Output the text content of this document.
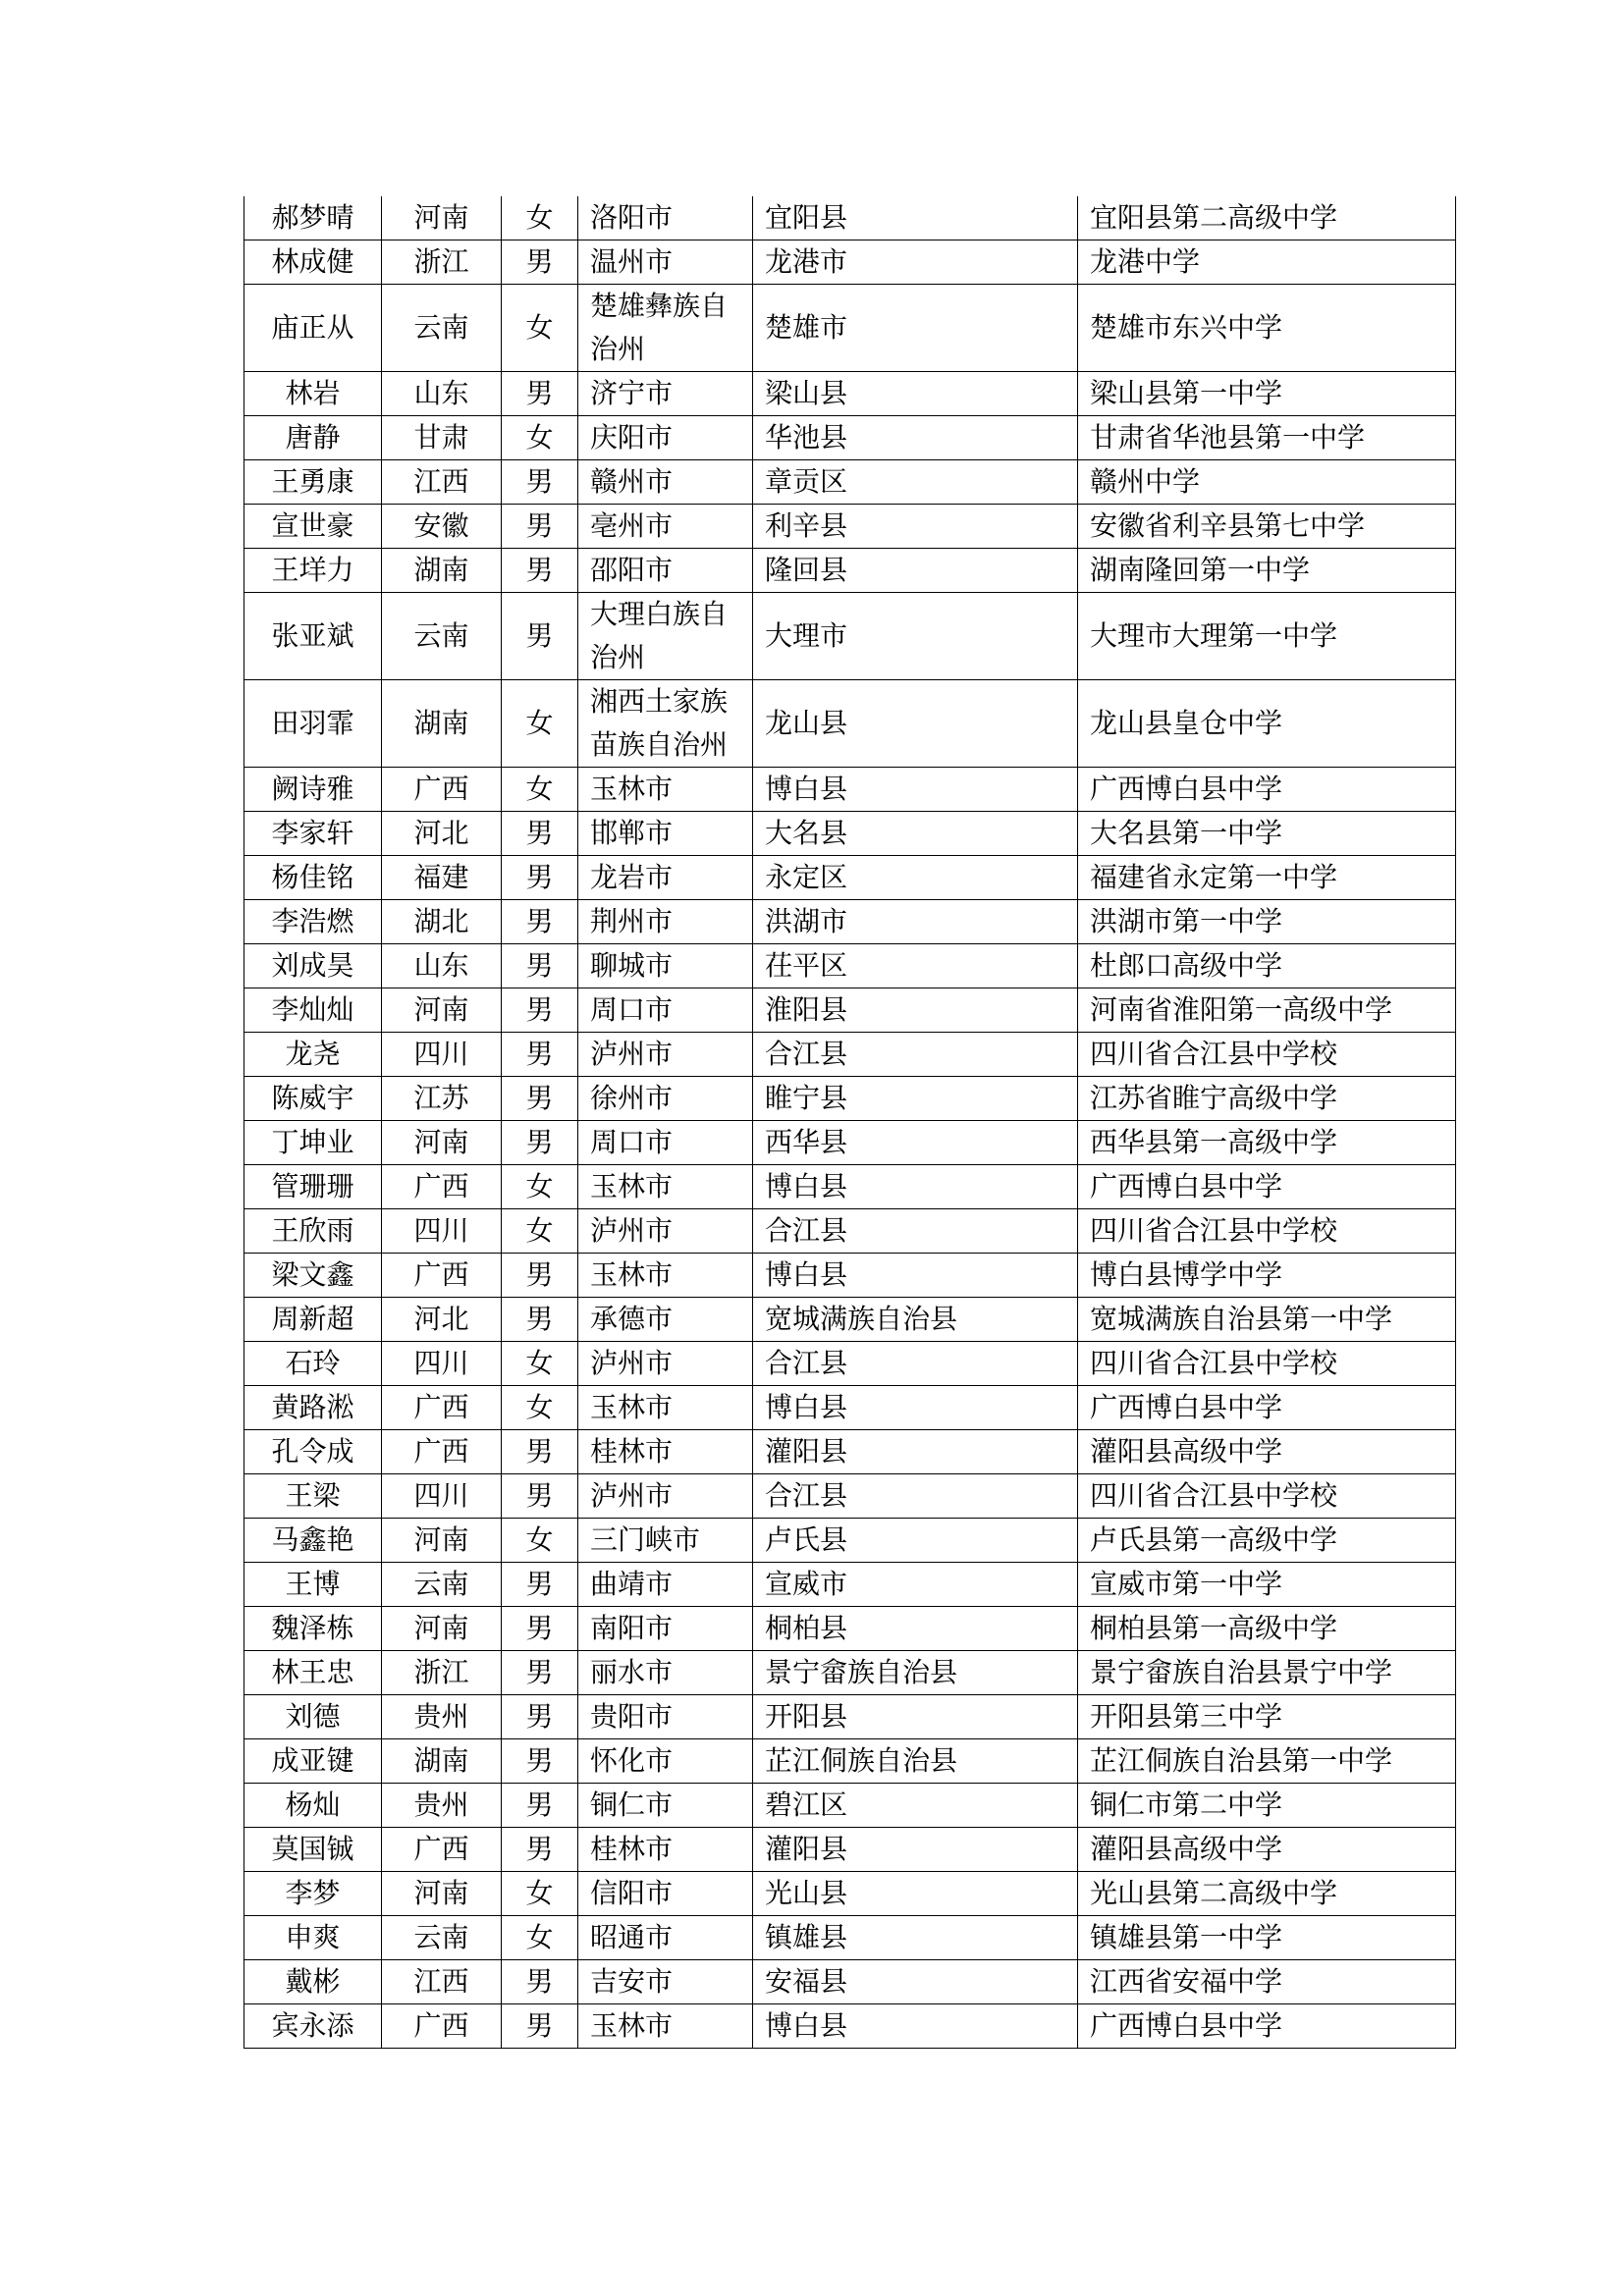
郝梦晴	河南	女	洛阳市	宜阳县	宜阳县第二高级中学
林成健	浙江	男	温州市	龙港市	龙港中学
庙正从	云南	女	楚雄彝族自治州	楚雄市	楚雄市东兴中学
林岩	山东	男	济宁市	梁山县	梁山县第一中学
唐静	甘肃	女	庆阳市	华池县	甘肃省华池县第一中学
王勇康	江西	男	赣州市	章贡区	赣州中学
宣世豪	安徽	男	亳州市	利辛县	安徽省利辛县第七中学
王垟力	湖南	男	邵阳市	隆回县	湖南隆回第一中学
张亚斌	云南	男	大理白族自治州	大理市	大理市大理第一中学
田羽霏	湖南	女	湘西土家族苗族自治州	龙山县	龙山县皇仓中学
阙诗雅	广西	女	玉林市	博白县	广西博白县中学
李家轩	河北	男	邯郸市	大名县	大名县第一中学
杨佳铭	福建	男	龙岩市	永定区	福建省永定第一中学
李浩燃	湖北	男	荆州市	洪湖市	洪湖市第一中学
刘成昊	山东	男	聊城市	茌平区	杜郎口高级中学
李灿灿	河南	男	周口市	淮阳县	河南省淮阳第一高级中学
龙尧	四川	男	泸州市	合江县	四川省合江县中学校
陈威宇	江苏	男	徐州市	睢宁县	江苏省睢宁高级中学
丁坤业	河南	男	周口市	西华县	西华县第一高级中学
管珊珊	广西	女	玉林市	博白县	广西博白县中学
王欣雨	四川	女	泸州市	合江县	四川省合江县中学校
梁文鑫	广西	男	玉林市	博白县	博白县博学中学
周新超	河北	男	承德市	宽城满族自治县	宽城满族自治县第一中学
石玲	四川	女	泸州市	合江县	四川省合江县中学校
黄路淞	广西	女	玉林市	博白县	广西博白县中学
孔令成	广西	男	桂林市	灌阳县	灌阳县高级中学
王梁	四川	男	泸州市	合江县	四川省合江县中学校
马鑫艳	河南	女	三门峡市	卢氏县	卢氏县第一高级中学
王博	云南	男	曲靖市	宣威市	宣威市第一中学
魏泽栋	河南	男	南阳市	桐柏县	桐柏县第一高级中学
林王忠	浙江	男	丽水市	景宁畲族自治县	景宁畲族自治县景宁中学
刘德	贵州	男	贵阳市	开阳县	开阳县第三中学
成亚键	湖南	男	怀化市	芷江侗族自治县	芷江侗族自治县第一中学
杨灿	贵州	男	铜仁市	碧江区	铜仁市第二中学
莫国铖	广西	男	桂林市	灌阳县	灌阳县高级中学
李梦	河南	女	信阳市	光山县	光山县第二高级中学
申爽	云南	女	昭通市	镇雄县	镇雄县第一中学
戴彬	江西	男	吉安市	安福县	江西省安福中学
宾永添	广西	男	玉林市	博白县	广西博白县中学
